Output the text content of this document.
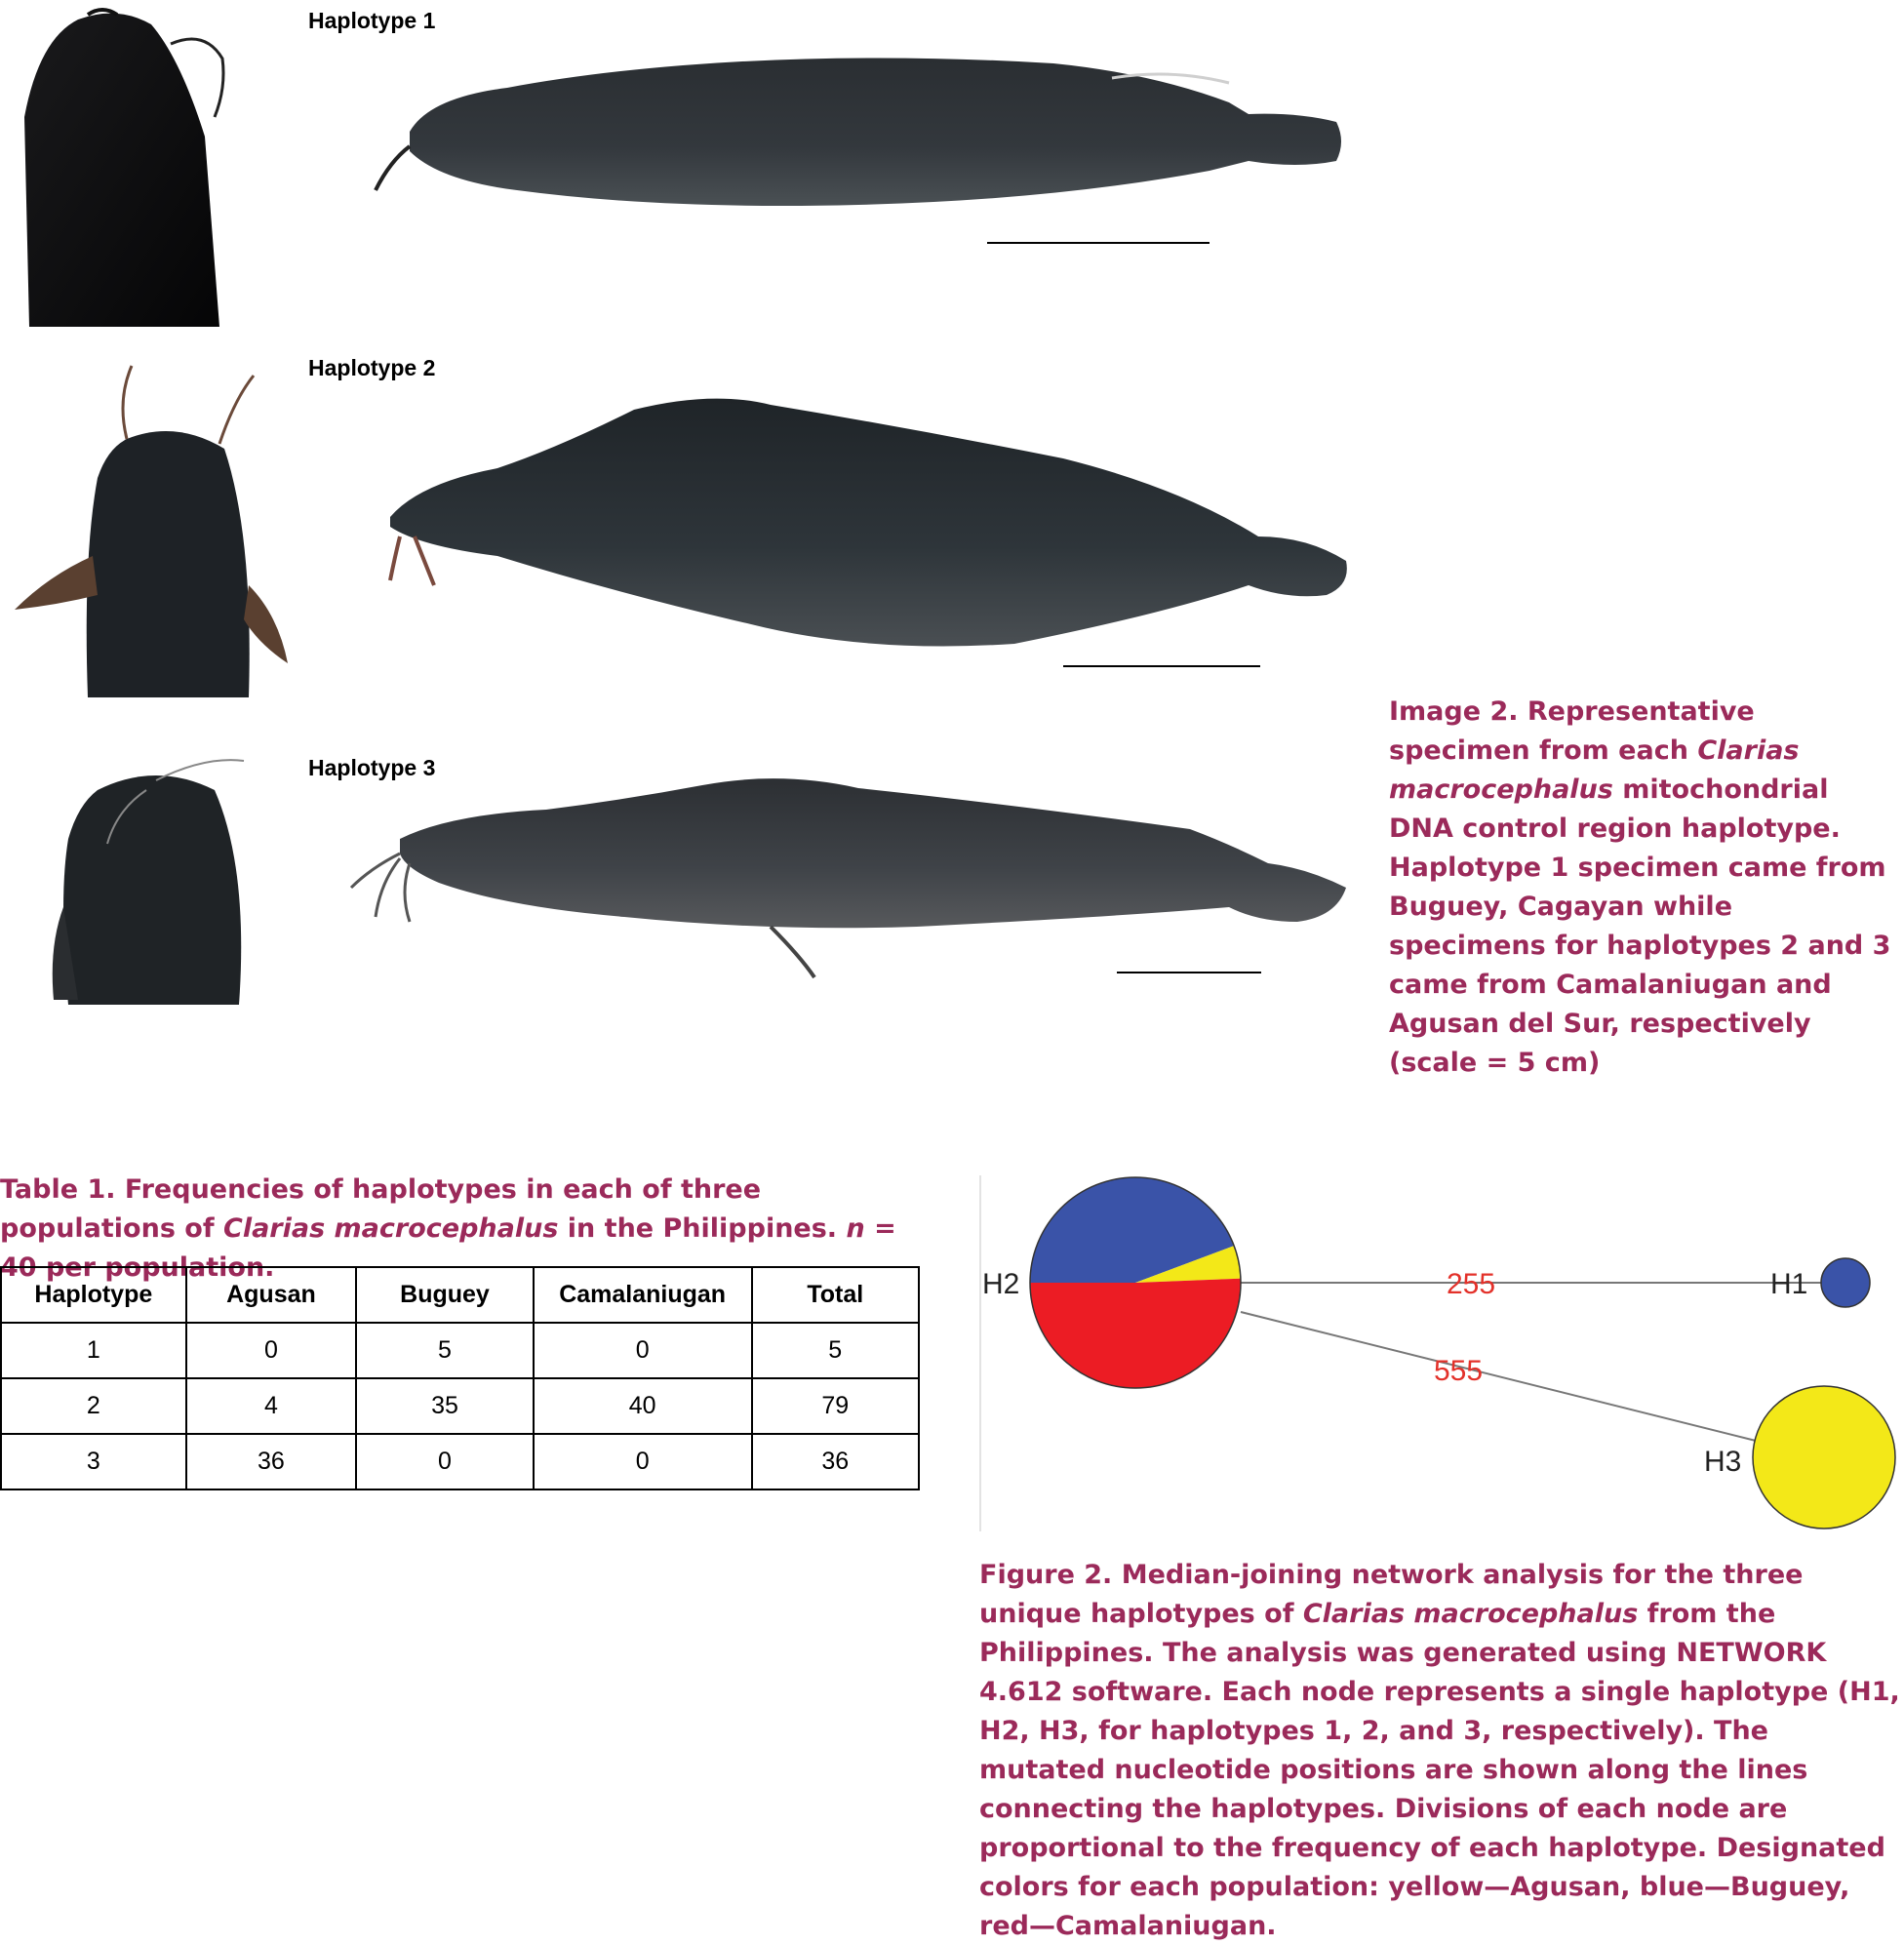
Haplotype 1
Haplotype 2
Haplotype 3
Image 2. Representative specimen from each Clarias macrocephalus mitochondrial DNA control region haplotype. Haplotype 1 specimen came from Buguey, Cagayan while specimens for haplotypes 2 and 3 came from Camalaniugan and Agusan del Sur, respectively (scale = 5 cm)
Table 1. Frequencies of haplotypes in each of three populations of Clarias macrocephalus in the Philippines. n = 40 per population.
Haplotype	Agusan	Buguey	Camalaniugan	Total
1	0	5	0	5
2	4	35	40	79
3	36	0	0	36
H2	H1
H3
255
555
Figure 2. Median-joining network analysis for the three unique haplotypes of Clarias macrocephalus from the Philippines. The analysis was generated using NETWORK 4.612 software. Each node represents a single haplotype (H1, H2, H3, for haplotypes 1, 2, and 3, respectively). The mutated nucleotide positions are shown along the lines connecting the haplotypes. Divisions of each node are proportional to the frequency of each haplotype. Designated colors for each population: yellow—Agusan, blue—Buguey, red—Camalaniugan.
